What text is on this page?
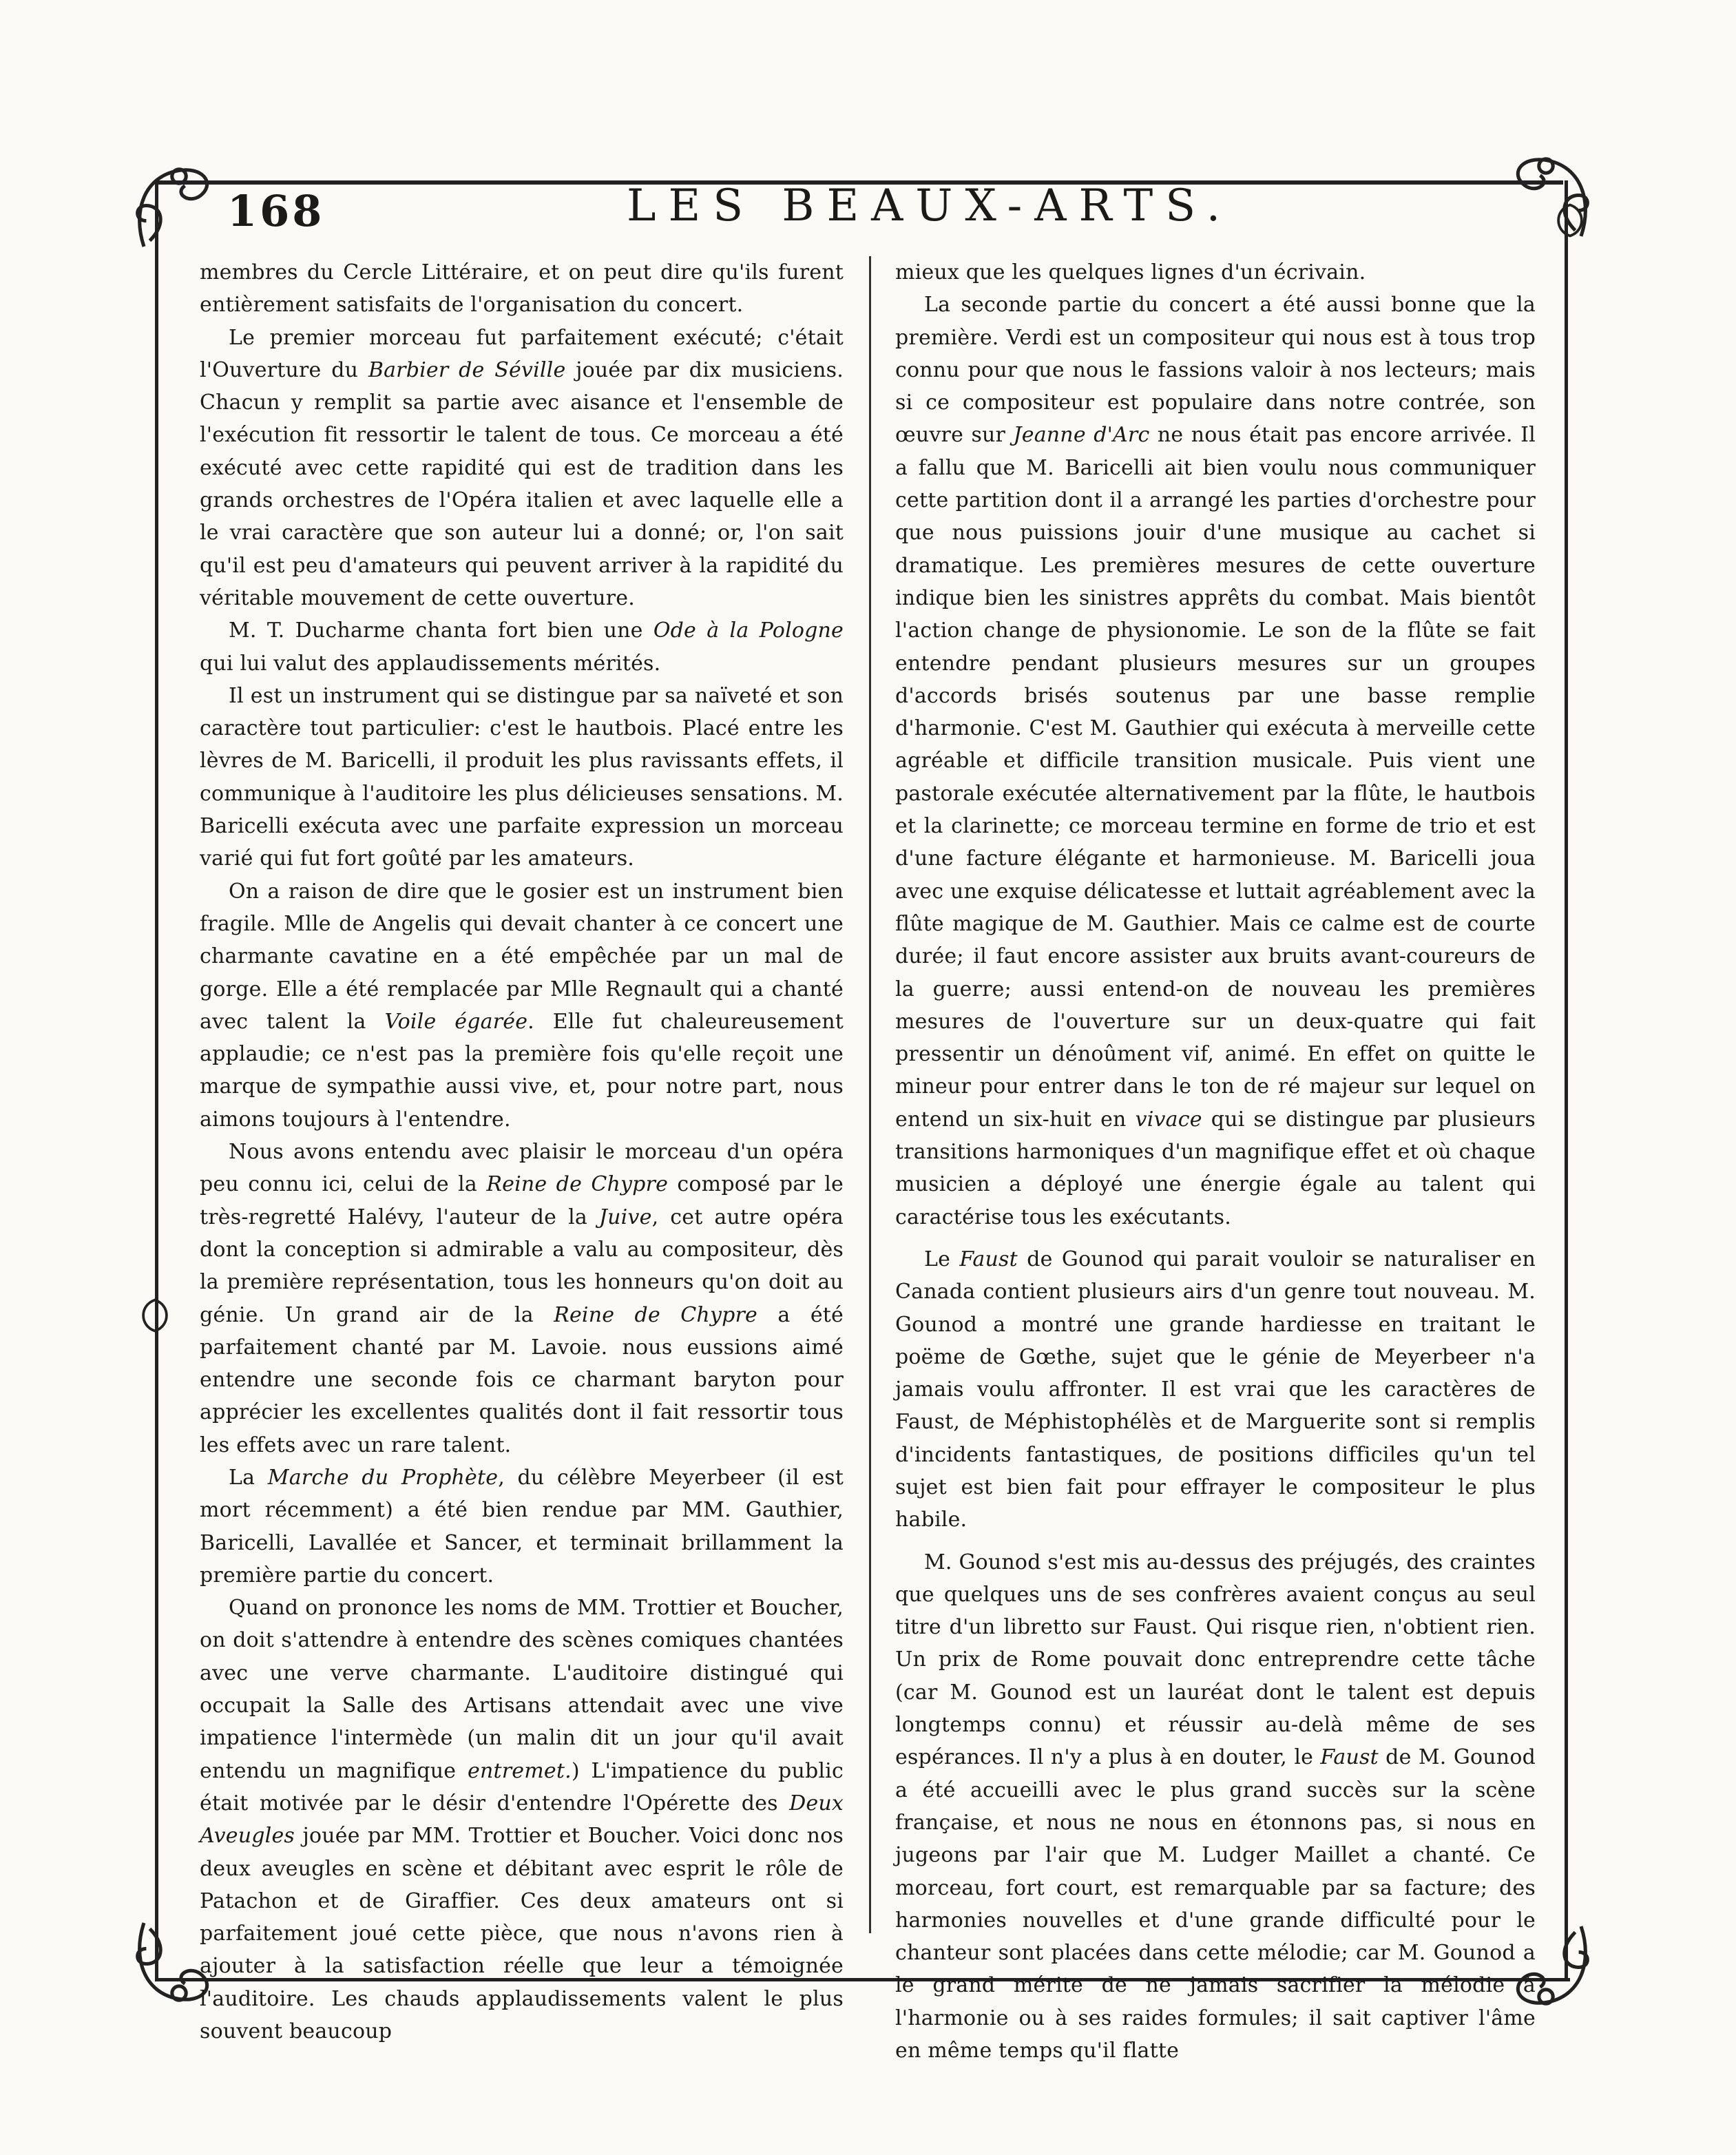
168	LES BEAUX-ARTS.

membres du Cercle Littéraire, et on peut dire qu'ils furent entièrement satisfaits de l'organisation du concert.

Le premier morceau fut parfaitement exécuté; c'était l'Ouverture du Barbier de Séville jouée par dix musiciens. Chacun y remplit sa partie avec aisance et l'ensemble de l'exécution fit ressortir le talent de tous. Ce morceau a été exécuté avec cette rapidité qui est de tradition dans les grands orchestres de l'Opéra italien et avec laquelle elle a le vrai caractère que son auteur lui a donné; or, l'on sait qu'il est peu d'amateurs qui peuvent arriver à la rapidité du véritable mouvement de cette ouverture.

M. T. Ducharme chanta fort bien une Ode à la Pologne qui lui valut des applaudissements mérités.

Il est un instrument qui se distingue par sa naïveté et son caractère tout particulier: c'est le hautbois. Placé entre les lèvres de M. Baricelli, il produit les plus ravissants effets, il communique à l'auditoire les plus délicieuses sensations. M. Baricelli exécuta avec une parfaite expression un morceau varié qui fut fort goûté par les amateurs.

On a raison de dire que le gosier est un instrument bien fragile. Mlle de Angelis qui devait chanter à ce concert une charmante cavatine en a été empêchée par un mal de gorge. Elle a été remplacée par Mlle Regnault qui a chanté avec talent la Voile égarée. Elle fut chaleureusement applaudie; ce n'est pas la première fois qu'elle reçoit une marque de sympathie aussi vive, et, pour notre part, nous aimons toujours à l'entendre.

Nous avons entendu avec plaisir le morceau d'un opéra peu connu ici, celui de la Reine de Chypre composé par le très-regretté Halévy, l'auteur de la Juive, cet autre opéra dont la conception si admirable a valu au compositeur, dès la première représentation, tous les honneurs qu'on doit au génie. Un grand air de la Reine de Chypre a été parfaitement chanté par M. Lavoie. nous eussions aimé entendre une seconde fois ce charmant baryton pour apprécier les excellentes qualités dont il fait ressortir tous les effets avec un rare talent.

La Marche du Prophète, du célèbre Meyerbeer (il est mort récemment) a été bien rendue par MM. Gauthier, Baricelli, Lavallée et Sancer, et terminait brillamment la première partie du concert.

Quand on prononce les noms de MM. Trottier et Boucher, on doit s'attendre à entendre des scènes comiques chantées avec une verve charmante. L'auditoire distingué qui occupait la Salle des Artisans attendait avec une vive impatience l'intermède (un malin dit un jour qu'il avait entendu un magnifique entremet.) L'impatience du public était motivée par le désir d'entendre l'Opérette des Deux Aveugles jouée par MM. Trottier et Boucher. Voici donc nos deux aveugles en scène et débitant avec esprit le rôle de Patachon et de Giraffier. Ces deux amateurs ont si parfaitement joué cette pièce, que nous n'avons rien à ajouter à la satisfaction réelle que leur a témoignée l'auditoire. Les chauds applaudissements valent le plus souvent beaucoup

mieux que les quelques lignes d'un écrivain.

La seconde partie du concert a été aussi bonne que la première. Verdi est un compositeur qui nous est à tous trop connu pour que nous le fassions valoir à nos lecteurs; mais si ce compositeur est populaire dans notre contrée, son œuvre sur Jeanne d'Arc ne nous était pas encore arrivée. Il a fallu que M. Baricelli ait bien voulu nous communiquer cette partition dont il a arrangé les parties d'orchestre pour que nous puissions jouir d'une musique au cachet si dramatique. Les premières mesures de cette ouverture indique bien les sinistres apprêts du combat. Mais bientôt l'action change de physionomie. Le son de la flûte se fait entendre pendant plusieurs mesures sur un groupes d'accords brisés soutenus par une basse remplie d'harmonie. C'est M. Gauthier qui exécuta à merveille cette agréable et difficile transition musicale. Puis vient une pastorale exécutée alternativement par la flûte, le hautbois et la clarinette; ce morceau termine en forme de trio et est d'une facture élégante et harmonieuse. M. Baricelli joua avec une exquise délicatesse et luttait agréablement avec la flûte magique de M. Gauthier. Mais ce calme est de courte durée; il faut encore assister aux bruits avant-coureurs de la guerre; aussi entend-on de nouveau les premières mesures de l'ouverture sur un deux-quatre qui fait pressentir un dénoûment vif, animé. En effet on quitte le mineur pour entrer dans le ton de ré majeur sur lequel on entend un six-huit en vivace qui se distingue par plusieurs transitions harmoniques d'un magnifique effet et où chaque musicien a déployé une énergie égale au talent qui caractérise tous les exécutants.

Le Faust de Gounod qui parait vouloir se naturaliser en Canada contient plusieurs airs d'un genre tout nouveau. M. Gounod a montré une grande hardiesse en traitant le poëme de Gœthe, sujet que le génie de Meyerbeer n'a jamais voulu affronter. Il est vrai que les caractères de Faust, de Méphistophélès et de Marguerite sont si remplis d'incidents fantastiques, de positions difficiles qu'un tel sujet est bien fait pour effrayer le compositeur le plus habile.

M. Gounod s'est mis au-dessus des préjugés, des craintes que quelques uns de ses confrères avaient conçus au seul titre d'un libretto sur Faust. Qui risque rien, n'obtient rien. Un prix de Rome pouvait donc entreprendre cette tâche (car M. Gounod est un lauréat dont le talent est depuis longtemps connu) et réussir au-delà même de ses espérances. Il n'y a plus à en douter, le Faust de M. Gounod a été accueilli avec le plus grand succès sur la scène française, et nous ne nous en étonnons pas, si nous en jugeons par l'air que M. Ludger Maillet a chanté. Ce morceau, fort court, est remarquable par sa facture; des harmonies nouvelles et d'une grande difficulté pour le chanteur sont placées dans cette mélodie; car M. Gounod a le grand mérite de ne jamais sacrifier la mélodie à l'harmonie ou à ses raides formules; il sait captiver l'âme en même temps qu'il flatte
